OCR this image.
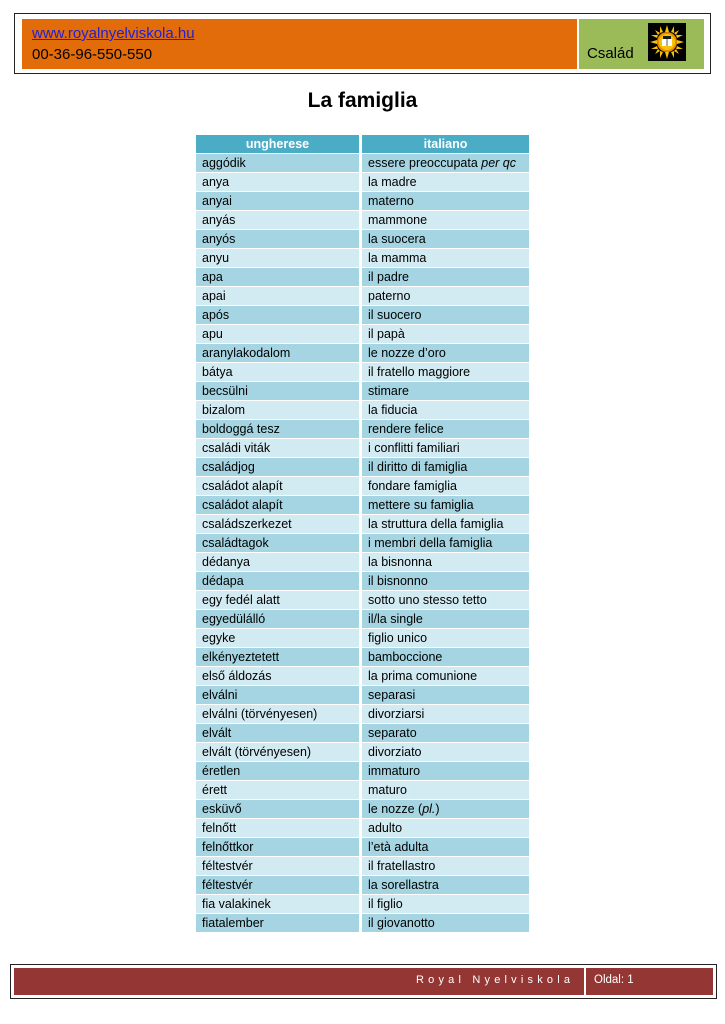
www.royalnyelviskola.hu
00-36-96-550-550	Család
La famiglia
ungherese	italiano
aggódik	essere preoccupata per qc
anya	la madre
anyai	materno
anyás	mammone
anyós	la suocera
anyu	la mamma
apa	il padre
apai	paterno
após	il suocero
apu	il papà
aranylakodalom	le nozze d’oro
bátya	il fratello maggiore
becsülni	stimare
bizalom	la fiducia
boldoggá tesz	rendere felice
családi viták	i conflitti familiari
családjog	il diritto di famiglia
családot alapít	fondare famiglia
családot alapít	mettere su famiglia
családszerkezet	la struttura della famiglia
családtagok	i membri della famiglia
dédanya	la bisnonna
dédapa	il bisnonno
egy fedél alatt	sotto uno stesso tetto
egyedülálló	il/la single
egyke	figlio unico
elkényeztetett	bamboccione
első áldozás	la prima comunione
elválni	separasi
elválni (törvényesen)	divorziarsi
elvált	separato
elvált (törvényesen)	divorziato
éretlen	immaturo
érett	maturo
esküvő	le nozze (pl.)
felnőtt	adulto
felnőttkor	l’età adulta
féltestvér	il fratellastro
féltestvér	la sorellastra
fia valakinek	il figlio
fiatalember	il giovanotto
Royal Nyelviskola Oldal: 1
